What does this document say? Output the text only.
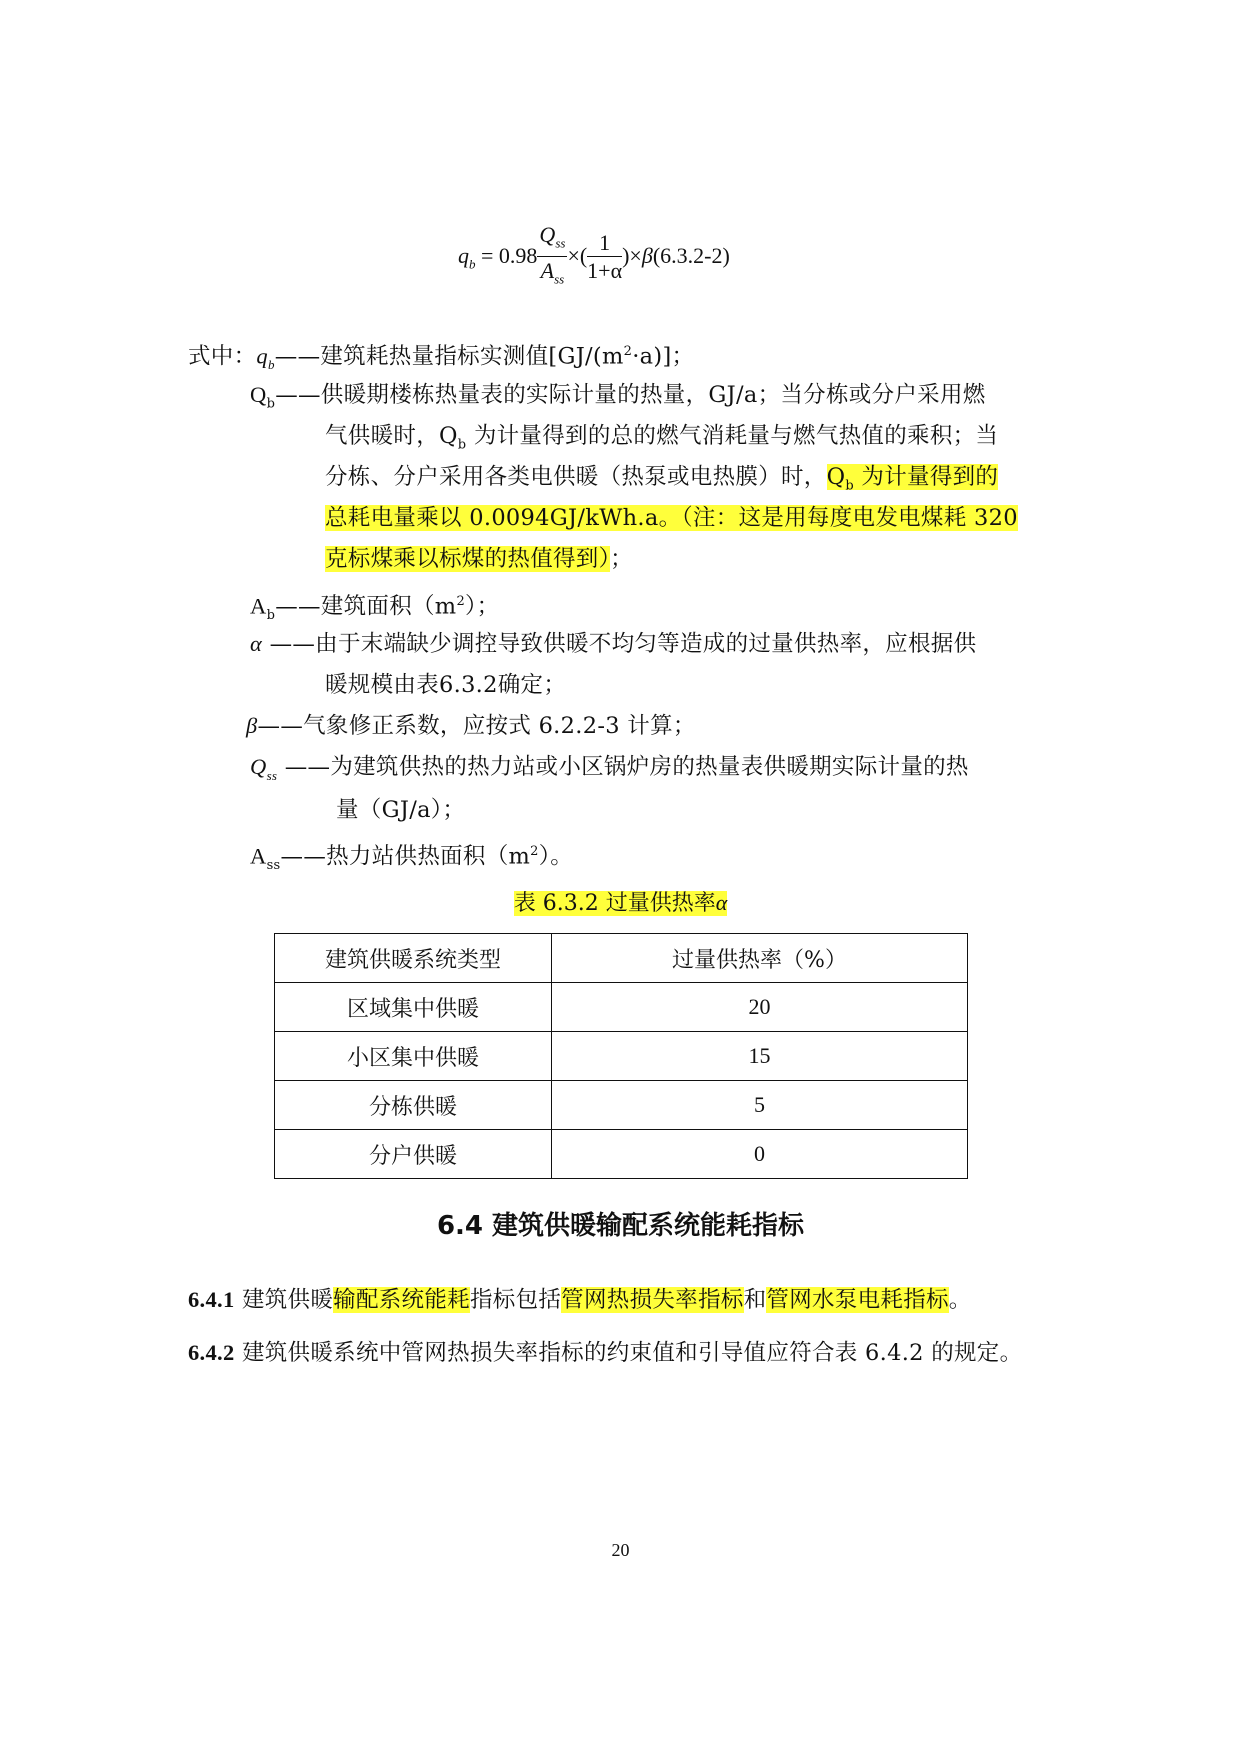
$q_b = 0.98 \frac{Q_{ss}}{A_{ss}}$ ×( $\frac{1}{1+\alpha} )\times\beta(6.3.2-2)$
式中：$q_b——$建筑耗热量指标实测值$[GJ/(m^2\cdot a)]$；
$Q_b——$供暖期楼栋热量表的实际计量的热量，GJ/a；当分栋或分户采用燃
气供暖时，$Q_b$ 为计量得到的总的燃气消耗量与燃气热值的乘积；当
分栋、分户采用各类电供暖（热泵或电热膜）时，$Q_b$ 为计量得到的
总耗电量乘以 0.0094GJ/kWh.a。（注：这是用每度电发电煤耗 320
克标煤乘以标煤的热值得到）；
$A_b——$建筑面积$(m^2)$；
α ——由于末端缺少调控导致供暖不均匀等造成的过量供热率，应根据供
暖规模由表6.3.2确定；
β——气象修正系数，应按式 6.2.2-3 计算；
$Q_{ss}$ ——为建筑供热的热力站或小区锅炉房的热量表供暖期实际计量的热
量（GJ/a）；
$A_{ss}——$热力站供热面积$(m^2)$。
表 6.3.2 过量供热率α
建筑供暖系统类型	过量供热率（%）
区域集中供暖	20
小区集中供暖	15
分栋供暖	5
分户供暖	0
6.4 建筑供暖输配系统能耗指标
6.4.1 建筑供暖输配系统能耗指标包括管网热损失率指标和管网水泵电耗指标。
6.4.2 建筑供暖系统中管网热损失率指标的约束值和引导值应符合表 6.4.2 的规定。
20
